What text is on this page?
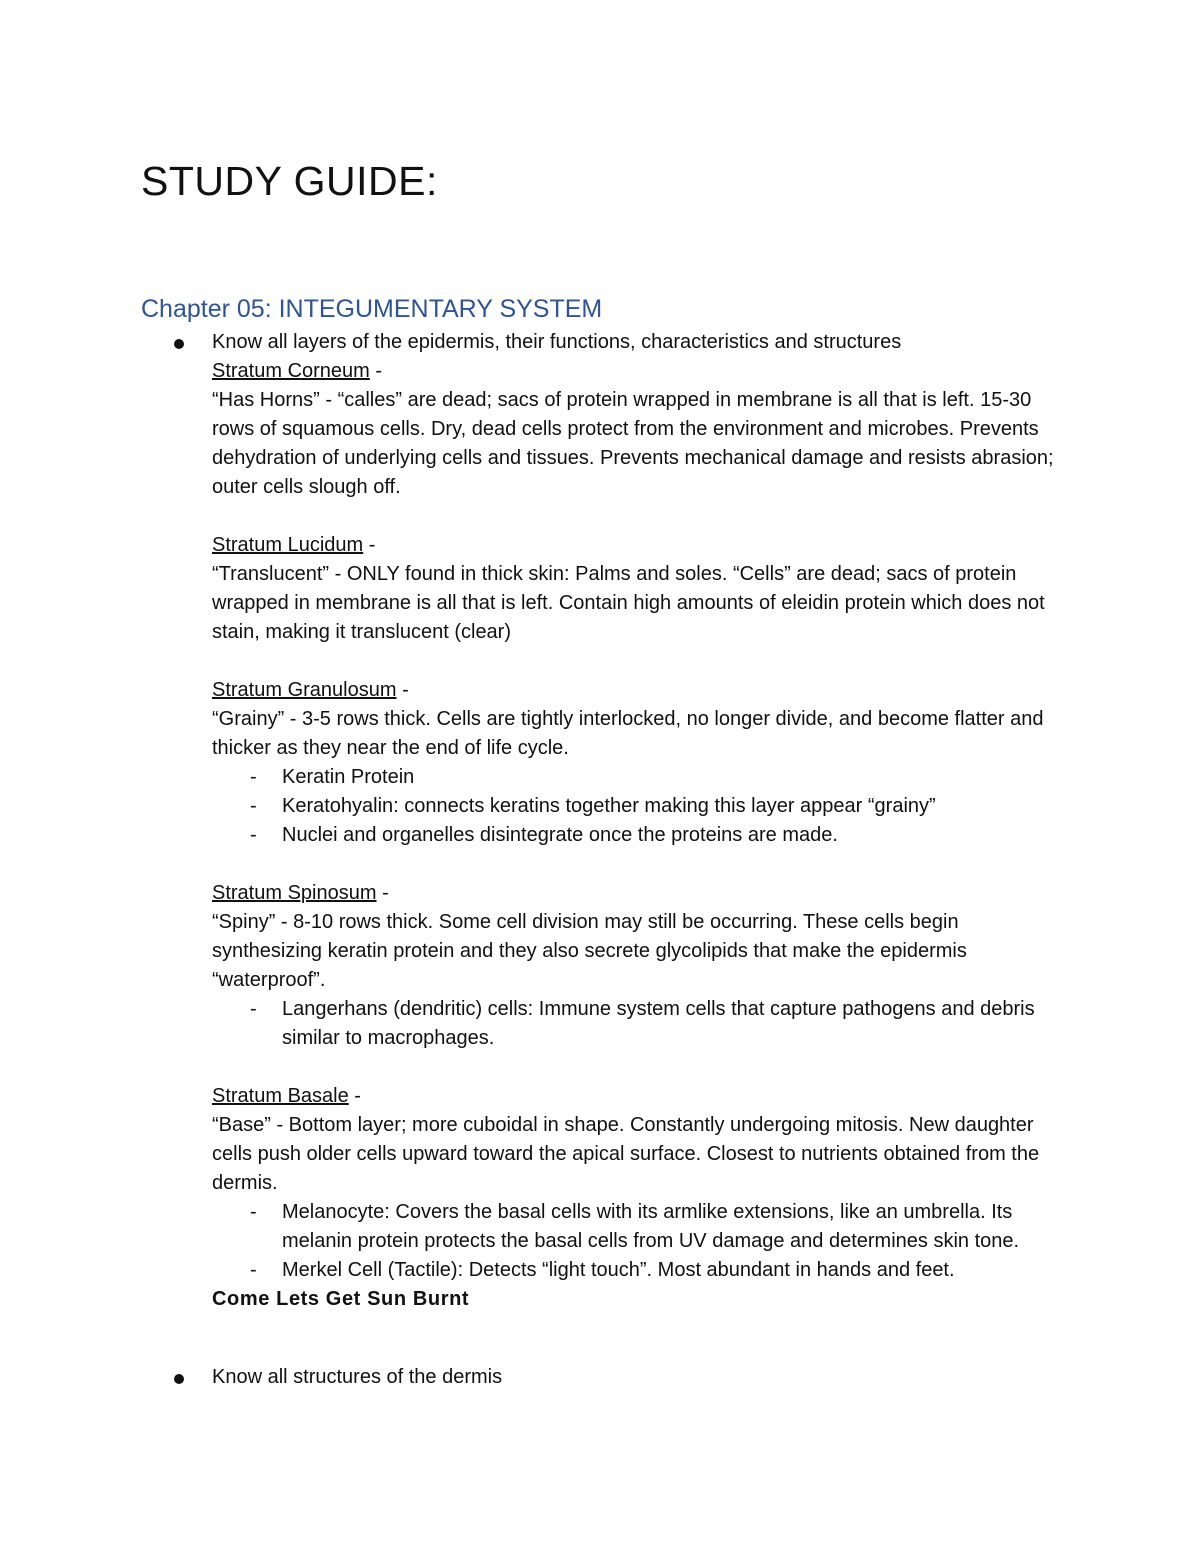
STUDY GUIDE:
Chapter 05: INTEGUMENTARY SYSTEM

Know all layers of the epidermis, their functions, characteristics and structures

Stratum Corneum -

“Has Horns” - “calles” are dead; sacs of protein wrapped in membrane is all that is left. 15-30 rows of squamous cells. Dry, dead cells protect from the environment and microbes. Prevents dehydration of underlying cells and tissues. Prevents mechanical damage and resists abrasion; outer cells slough off.

Stratum Lucidum -

“Translucent” - ONLY found in thick skin: Palms and soles. “Cells” are dead; sacs of protein wrapped in membrane is all that is left. Contain high amounts of eleidin protein which does not stain, making it translucent (clear)

Stratum Granulosum -

“Grainy” - 3-5 rows thick. Cells are tightly interlocked, no longer divide, and become flatter and thicker as they near the end of life cycle.

- Keratin Protein
- Keratohyalin: connects keratins together making this layer appear “grainy”
- Nuclei and organelles disintegrate once the proteins are made.

Stratum Spinosum -

“Spiny” - 8-10 rows thick. Some cell division may still be occurring. These cells begin synthesizing keratin protein and they also secrete glycolipids that make the epidermis “waterproof”.

- Langerhans (dendritic) cells: Immune system cells that capture pathogens and debris similar to macrophages.

Stratum Basale -

“Base” - Bottom layer; more cuboidal in shape. Constantly undergoing mitosis. New daughter cells push older cells upward toward the apical surface. Closest to nutrients obtained from the dermis.

- Melanocyte: Covers the basal cells with its armlike extensions, like an umbrella. Its melanin protein protects the basal cells from UV damage and determines skin tone.
- Merkel Cell (Tactile): Detects “light touch”. Most abundant in hands and feet.

Come Lets Get Sun Burnt

Know all structures of the dermis
